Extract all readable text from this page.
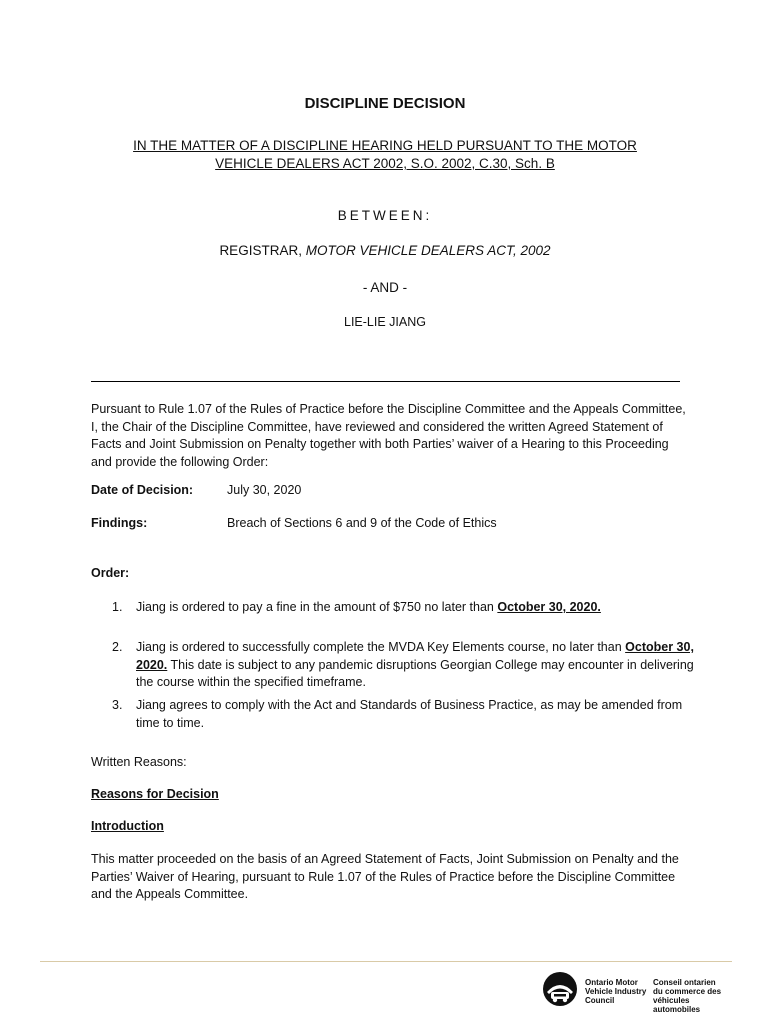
DISCIPLINE DECISION
IN THE MATTER OF A DISCIPLINE HEARING HELD PURSUANT TO THE MOTOR
VEHICLE DEALERS ACT 2002, S.O. 2002, C.30, Sch. B
BETWEEN:
REGISTRAR, MOTOR VEHICLE DEALERS ACT, 2002
- AND -
LIE-LIE JIANG
Pursuant to Rule 1.07 of the Rules of Practice before the Discipline Committee and the Appeals Committee, I, the Chair of the Discipline Committee, have reviewed and considered the written Agreed Statement of Facts and Joint Submission on Penalty together with both Parties’ waiver of a Hearing to this Proceeding and provide the following Order:
Date of Decision:	July 30, 2020
Findings:	Breach of Sections 6 and 9 of the Code of Ethics
Order:
1. Jiang is ordered to pay a fine in the amount of $750 no later than October 30, 2020.
2. Jiang is ordered to successfully complete the MVDA Key Elements course, no later than October 30, 2020. This date is subject to any pandemic disruptions Georgian College may encounter in delivering the course within the specified timeframe.
3. Jiang agrees to comply with the Act and Standards of Business Practice, as may be amended from time to time.
Written Reasons:
Reasons for Decision
Introduction
This matter proceeded on the basis of an Agreed Statement of Facts, Joint Submission on Penalty and the Parties’ Waiver of Hearing, pursuant to Rule 1.07 of the Rules of Practice before the Discipline Committee and the Appeals Committee.
Ontario Motor
Vehicle Industry
Council
Conseil ontarien
du commerce des
véhicules automobiles
